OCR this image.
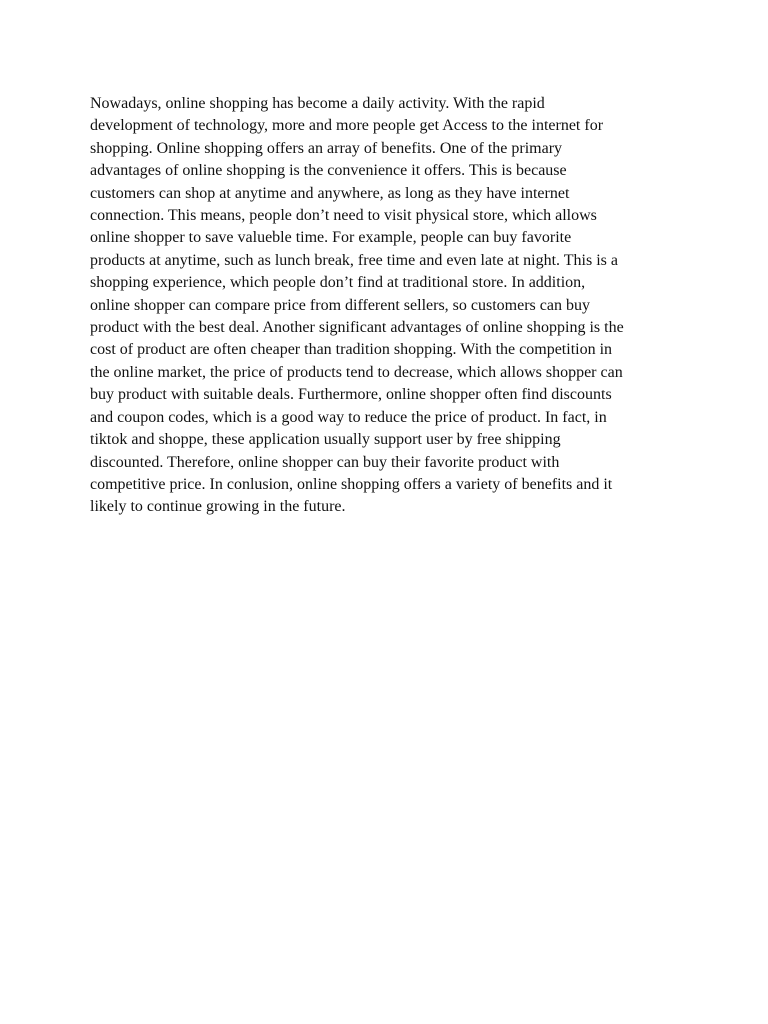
Nowadays, online shopping has become a daily activity. With the rapid
development of technology, more and more people get Access to the internet for
shopping. Online shopping offers an array of benefits. One of the primary
advantages of online shopping is the convenience it offers. This is because
customers can shop at anytime and anywhere, as long as they have internet
connection. This means, people don’t need to visit physical store, which allows
online shopper to save valueble time. For example, people can buy favorite
products at anytime, such as lunch break, free time and even late at night. This is a
shopping experience, which people don’t find at traditional store. In addition,
online shopper can compare price from different sellers, so customers can buy
product with the best deal. Another significant advantages of online shopping is the
cost of product are often cheaper than tradition shopping. With the competition in
the online market, the price of products tend to decrease, which allows shopper can
buy product with suitable deals. Furthermore, online shopper often find discounts
and coupon codes, which is a good way to reduce the price of product. In fact, in
tiktok and shoppe, these application usually support user by free shipping
discounted. Therefore, online shopper can buy their favorite product with
competitive price. In conlusion, online shopping offers a variety of benefits and it
likely to continue growing in the future.
